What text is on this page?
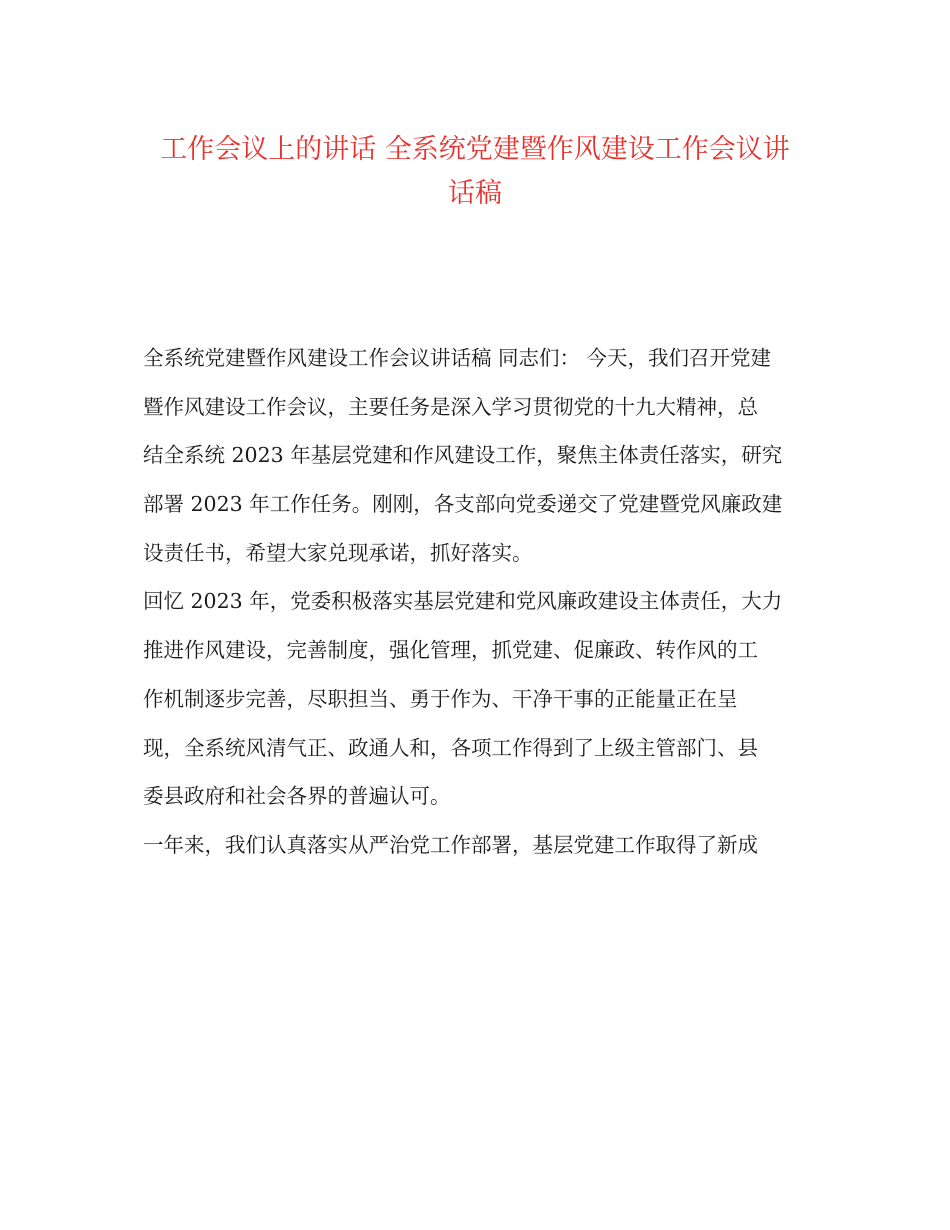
工作会议上的讲话 全系统党建暨作风建设工作会议讲
话稿
全系统党建暨作风建设工作会议讲话稿 同志们： 今天，我们召开党建
暨作风建设工作会议，主要任务是深入学习贯彻党的十九大精神，总
结全系统 2023 年基层党建和作风建设工作，聚焦主体责任落实，研究
部署 2023 年工作任务。刚刚，各支部向党委递交了党建暨党风廉政建
设责任书，希望大家兑现承诺，抓好落实。
回忆 2023 年，党委积极落实基层党建和党风廉政建设主体责任，大力
推进作风建设，完善制度，强化管理，抓党建、促廉政、转作风的工
作机制逐步完善，尽职担当、勇于作为、干净干事的正能量正在呈
现，全系统风清气正、政通人和，各项工作得到了上级主管部门、县
委县政府和社会各界的普遍认可。
一年来，我们认真落实从严治党工作部署，基层党建工作取得了新成
